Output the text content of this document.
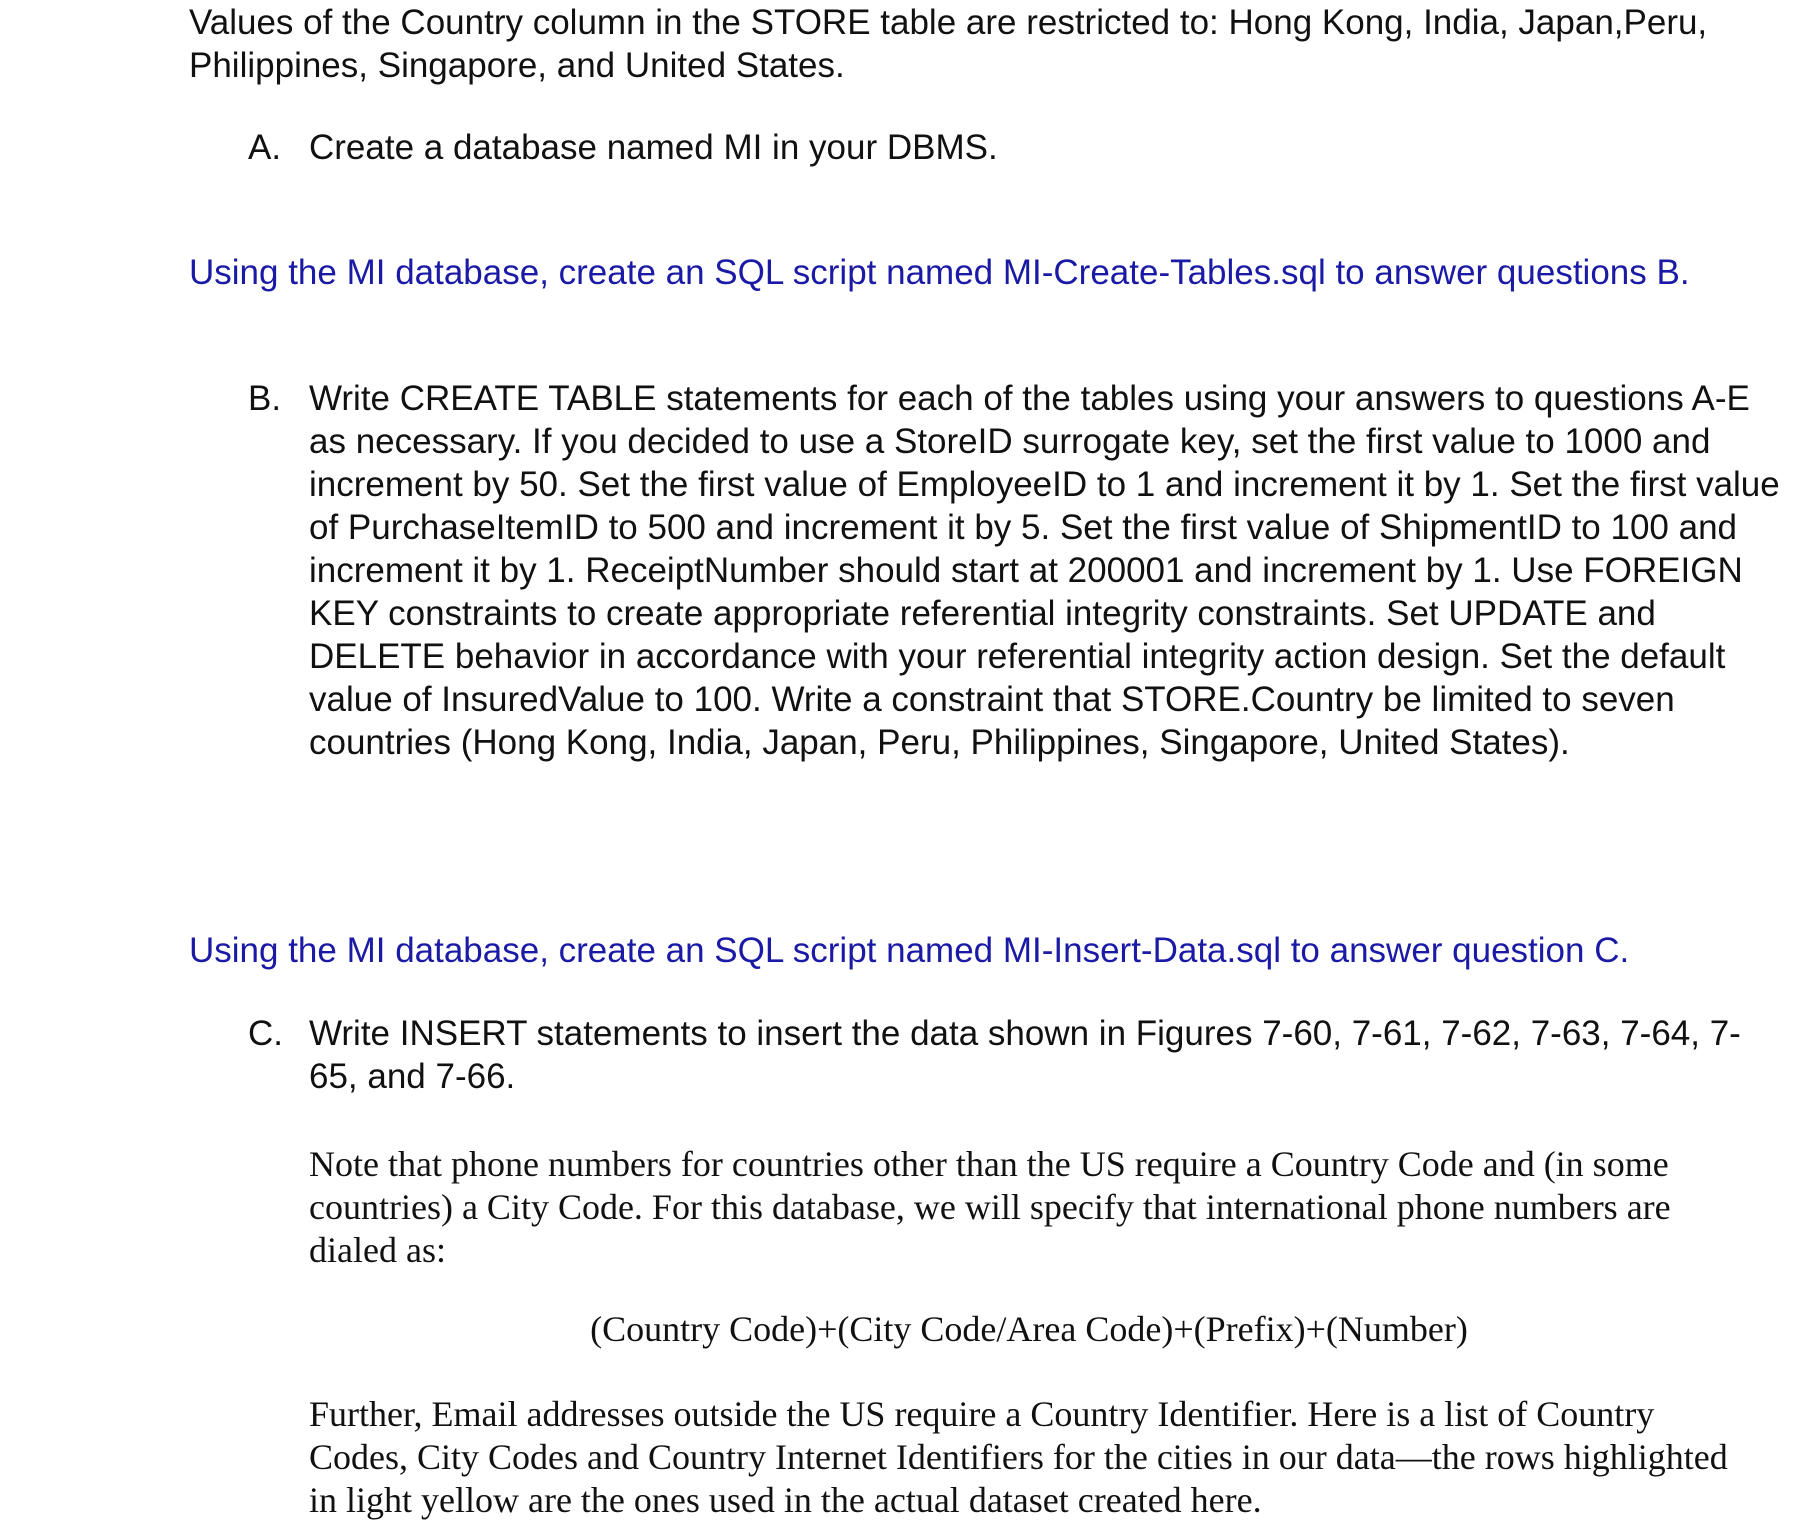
Values of the Country column in the STORE table are restricted to: Hong Kong, India, Japan,Peru, Philippines, Singapore, and United States.

A. Create a database named MI in your DBMS.

Using the MI database, create an SQL script named MI-Create-Tables.sql to answer questions B.

B. Write CREATE TABLE statements for each of the tables using your answers to questions A-E as necessary. If you decided to use a StoreID surrogate key, set the first value to 1000 and increment by 50. Set the first value of EmployeeID to 1 and increment it by 1. Set the first value of PurchaseItemID to 500 and increment it by 5. Set the first value of ShipmentID to 100 and increment it by 1. ReceiptNumber should start at 200001 and increment by 1. Use FOREIGN KEY constraints to create appropriate referential integrity constraints. Set UPDATE and DELETE behavior in accordance with your referential integrity action design. Set the default value of InsuredValue to 100. Write a constraint that STORE.Country be limited to seven countries (Hong Kong, India, Japan, Peru, Philippines, Singapore, United States).

Using the MI database, create an SQL script named MI-Insert-Data.sql to answer question C.

C. Write INSERT statements to insert the data shown in Figures 7-60, 7-61, 7-62, 7-63, 7-64, 7-65, and 7-66.

Note that phone numbers for countries other than the US require a Country Code and (in some countries) a City Code. For this database, we will specify that international phone numbers are dialed as:

(Country Code)+(City Code/Area Code)+(Prefix)+(Number)

Further, Email addresses outside the US require a Country Identifier. Here is a list of Country Codes, City Codes and Country Internet Identifiers for the cities in our data—the rows highlighted in light yellow are the ones used in the actual dataset created here.
